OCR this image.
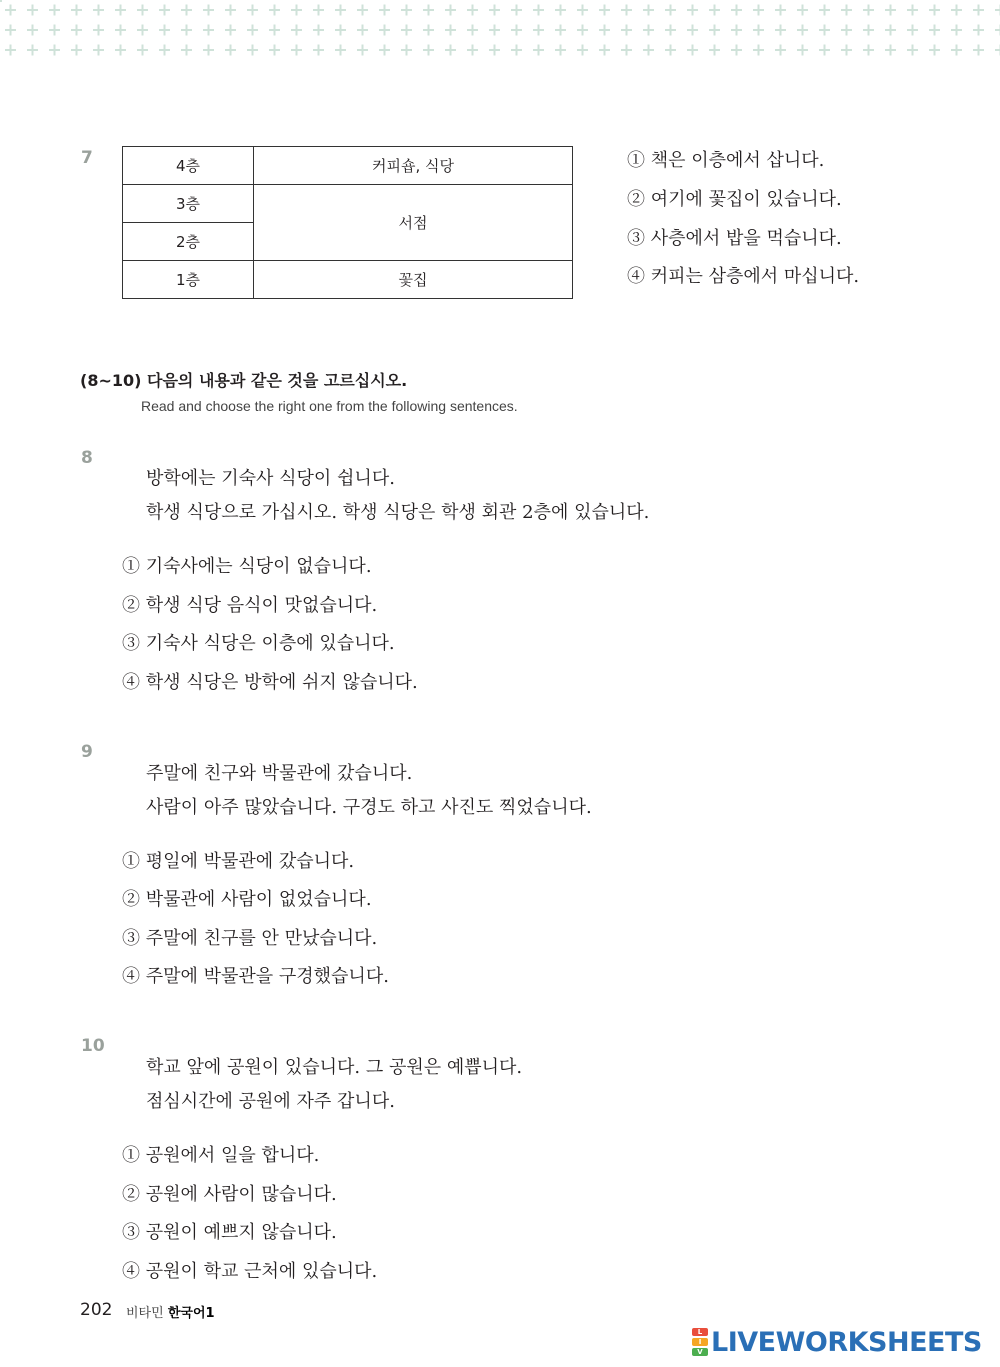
7	4층	커피숍, 식당
3층	서점
2층	
1층	꽃집
① 책은 이층에서 삽니다.
② 여기에 꽃집이 있습니다.
③ 사층에서 밥을 먹습니다.
④ 커피는 삼층에서 마십니다.
(8~10) 다음의 내용과 같은 것을 고르십시오.
Read and choose the right one from the following sentences.
8
방학에는 기숙사 식당이 쉽니다.
학생 식당으로 가십시오. 학생 식당은 학생 회관 2층에 있습니다.
① 기숙사에는 식당이 없습니다.
② 학생 식당 음식이 맛없습니다.
③ 기숙사 식당은 이층에 있습니다.
④ 학생 식당은 방학에 쉬지 않습니다.
9
주말에 친구와 박물관에 갔습니다.
사람이 아주 많았습니다. 구경도 하고 사진도 찍었습니다.
① 평일에 박물관에 갔습니다.
② 박물관에 사람이 없었습니다.
③ 주말에 친구를 안 만났습니다.
④ 주말에 박물관을 구경했습니다.
10
학교 앞에 공원이 있습니다. 그 공원은 예쁩니다.
점심시간에 공원에 자주 갑니다.
① 공원에서 일을 합니다.
② 공원에 사람이 많습니다.
③ 공원이 예쁘지 않습니다.
④ 공원이 학교 근처에 있습니다.
202 비타민 한국어1
L
I
V LIVEWORKSHEETS
